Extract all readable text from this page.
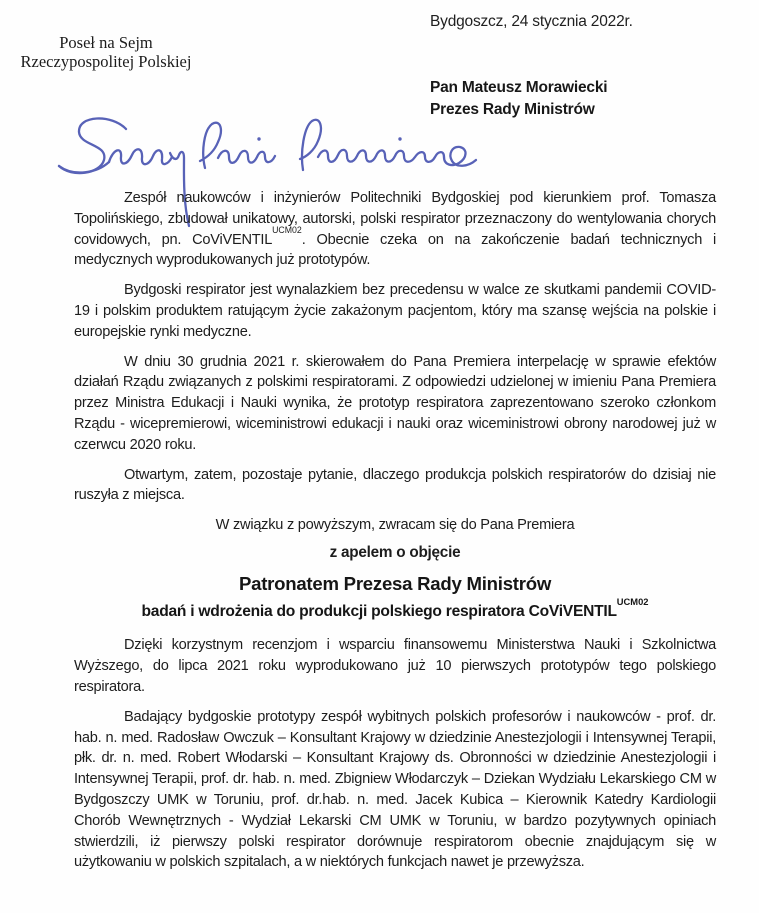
Bydgoszcz, 24 stycznia 2022r.
Poseł na Sejm
Rzeczypospolitej Polskiej
Pan Mateusz Morawiecki
Prezes Rady Ministrów

Zespół naukowców i inżynierów Politechniki Bydgoskiej pod kierunkiem prof. Tomasza Topolińskiego, zbudował unikatowy, autorski, polski respirator przeznaczony do wentylowania chorych covidowych, pn. CoViVENTIL$^{UCM02}$. Obecnie czeka on na zakończenie badań technicznych i medycznych wyprodukowanych już prototypów.

Bydgoski respirator jest wynalazkiem bez precedensu w walce ze skutkami pandemii COVID-19 i polskim produktem ratującym życie zakażonym pacjentom, który ma szansę wejścia na polskie i europejskie rynki medyczne.

W dniu 30 grudnia 2021 r. skierowałem do Pana Premiera interpelację w sprawie efektów działań Rządu związanych z polskimi respiratorami. Z odpowiedzi udzielonej w imieniu Pana Premiera przez Ministra Edukacji i Nauki wynika, że prototyp respiratora zaprezentowano szeroko członkom Rządu - wicepremierowi, wiceministrowi edukacji i nauki oraz wiceministrowi obrony narodowej już w czerwcu 2020 roku.

Otwartym, zatem, pozostaje pytanie, dlaczego produkcja polskich respiratorów do dzisiaj nie ruszyła z miejsca.

W związku z powyższym, zwracam się do Pana Premiera

z apelem o objęcie

Patronatem Prezesa Rady Ministrów

badań i wdrożenia do produkcji polskiego respiratora CoViVENTIL$^{UCM02}$

Dzięki korzystnym recenzjom i wsparciu finansowemu Ministerstwa Nauki i Szkolnictwa Wyższego, do lipca 2021 roku wyprodukowano już 10 pierwszych prototypów tego polskiego respiratora.

Badający bydgoskie prototypy zespół wybitnych polskich profesorów i naukowców - prof. dr. hab. n. med. Radosław Owczuk – Konsultant Krajowy w dziedzinie Anestezjologii i Intensywnej Terapii, płk. dr. n. med. Robert Włodarski – Konsultant Krajowy ds. Obronności w dziedzinie Anestezjologii i Intensywnej Terapii, prof. dr. hab. n. med. Zbigniew Włodarczyk – Dziekan Wydziału Lekarskiego CM w Bydgoszczy UMK w Toruniu, prof. dr.hab. n. med. Jacek Kubica – Kierownik Katedry Kardiologii Chorób Wewnętrznych - Wydział Lekarski CM UMK w Toruniu, w bardzo pozytywnych opiniach stwierdzili, iż pierwszy polski respirator dorównuje respiratorom obecnie znajdującym się w użytkowaniu w polskich szpitalach, a w niektórych funkcjach nawet je przewyższa.
